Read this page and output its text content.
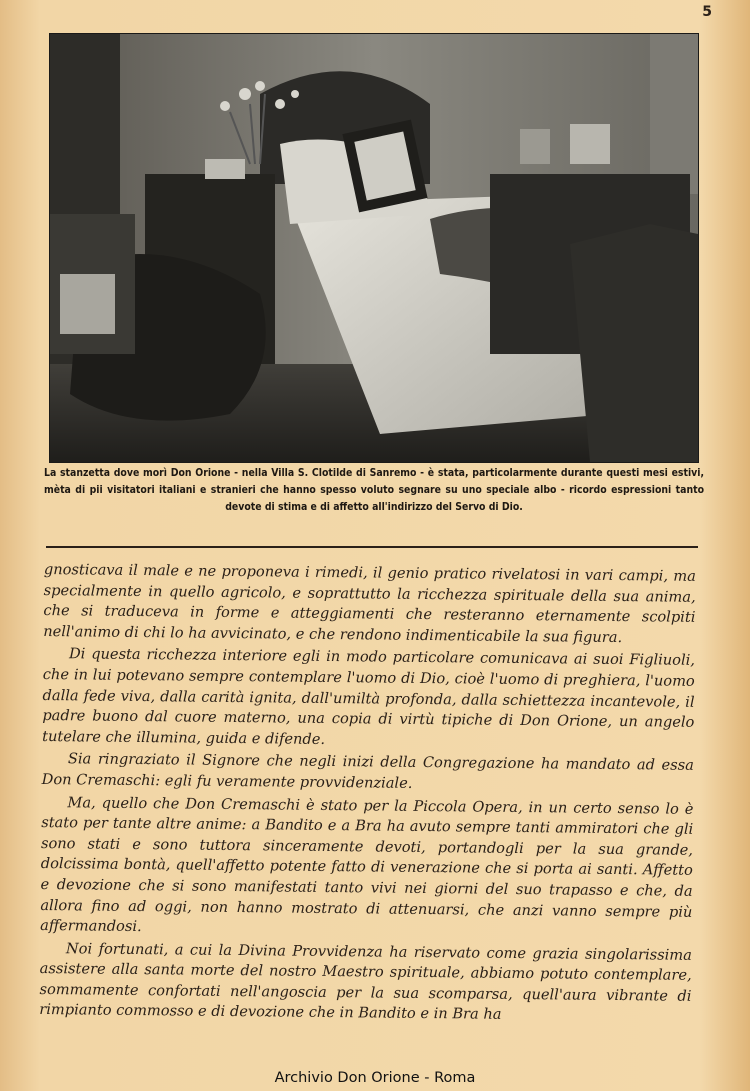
5
La stanzetta dove morì Don Orione - nella Villa S. Clotilde di Sanremo - è stata, particolarmente durante questi mesi estivi, mèta di pii visitatori italiani e stranieri che hanno spesso voluto segnare su uno speciale albo - ricordo espressioni tanto devote di stima e di affetto all'indirizzo del Servo di Dio.

gnosticava il male e ne proponeva i rimedi, il genio pratico rivelatosi in vari campi, ma specialmente in quello agricolo, e soprattutto la ricchezza spirituale della sua anima, che si traduceva in forme e atteggiamenti che resteranno eternamente scolpiti nell'animo di chi lo ha avvicinato, e che rendono indimenticabile la sua figura.

Di questa ricchezza interiore egli in modo particolare comunicava ai suoi Figliuoli, che in lui potevano sempre contemplare l'uomo di Dio, cioè l'uomo di preghiera, l'uomo dalla fede viva, dalla carità ignita, dall'umiltà profonda, dalla schiettezza incantevole, il padre buono dal cuore materno, una copia di virtù tipiche di Don Orione, un angelo tutelare che illumina, guida e difende.

Sia ringraziato il Signore che negli inizi della Congregazione ha mandato ad essa Don Cremaschi: egli fu veramente provvidenziale.

Ma, quello che Don Cremaschi è stato per la Piccola Opera, in un certo senso lo è stato per tante altre anime: a Bandito e a Bra ha avuto sempre tanti ammiratori che gli sono stati e sono tuttora sinceramente devoti, portandogli per la sua grande, dolcissima bontà, quell'affetto potente fatto di venerazione che si porta ai santi. Affetto e devozione che si sono manifestati tanto vivi nei giorni del suo trapasso e che, da allora fino ad oggi, non hanno mostrato di attenuarsi, che anzi vanno sempre più affermandosi.

Noi fortunati, a cui la Divina Provvidenza ha riservato come grazia singolarissima assistere alla santa morte del nostro Maestro spirituale, abbiamo potuto contemplare, sommamente confortati nell'angoscia per la sua scomparsa, quell'aura vibrante di rimpianto commosso e di devozione che in Bandito e in Bra ha

Archivio Don Orione - Roma
